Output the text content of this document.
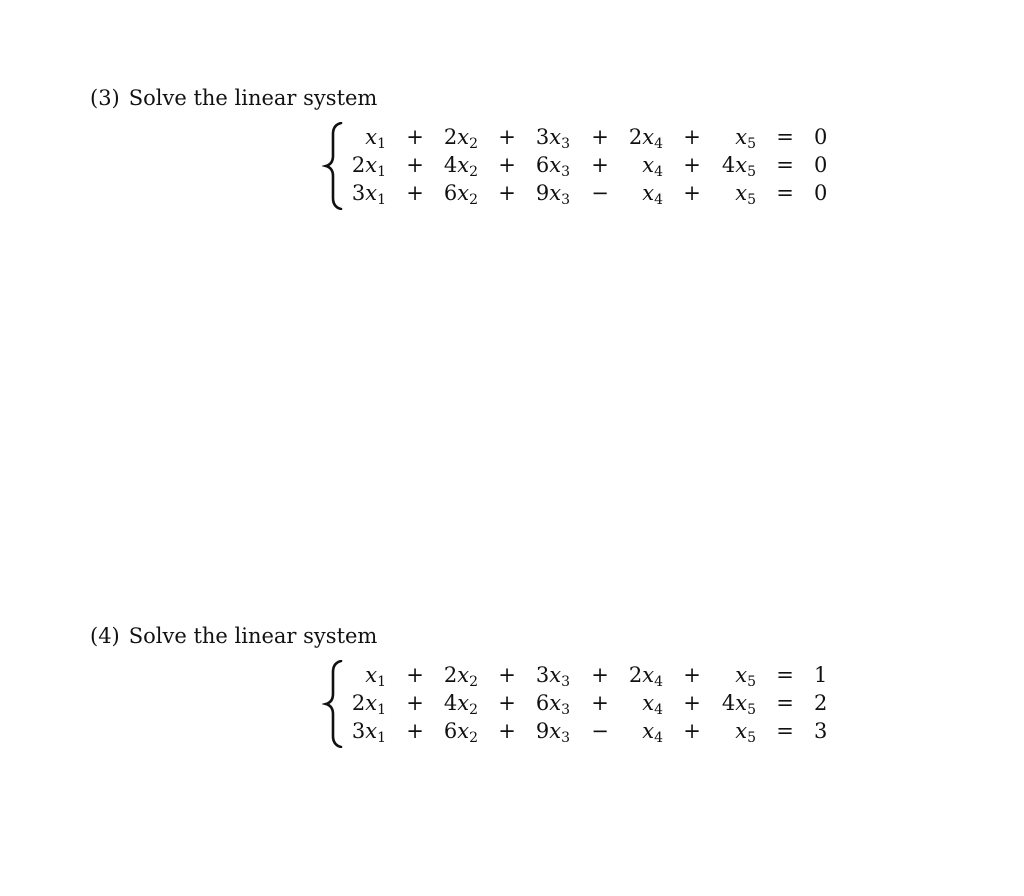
(3) Solve the linear system
$x_1 + 2x_2 + 3x_3 + 2x_4$ +	$x_5 = 0$
$2x_1 + 4x_2 + 6x_3$ +	$x_4$ +	$4x_5 = 0$
$3x_1 + 6x_2 + 9x_3$ −	$x_4$ +	$x_5 = 0$
(4) Solve the linear system
$x_1 + 2x_2 + 3x_3 + 2x_4$ +	$x_5 = 1$
$2x_1 + 4x_2 + 6x_3$ +	$x_4$ +	$4x_5 = 2$
$3x_1 + 6x_2 + 9x_3$ −	$x_4$ +	$x_5 = 3$
